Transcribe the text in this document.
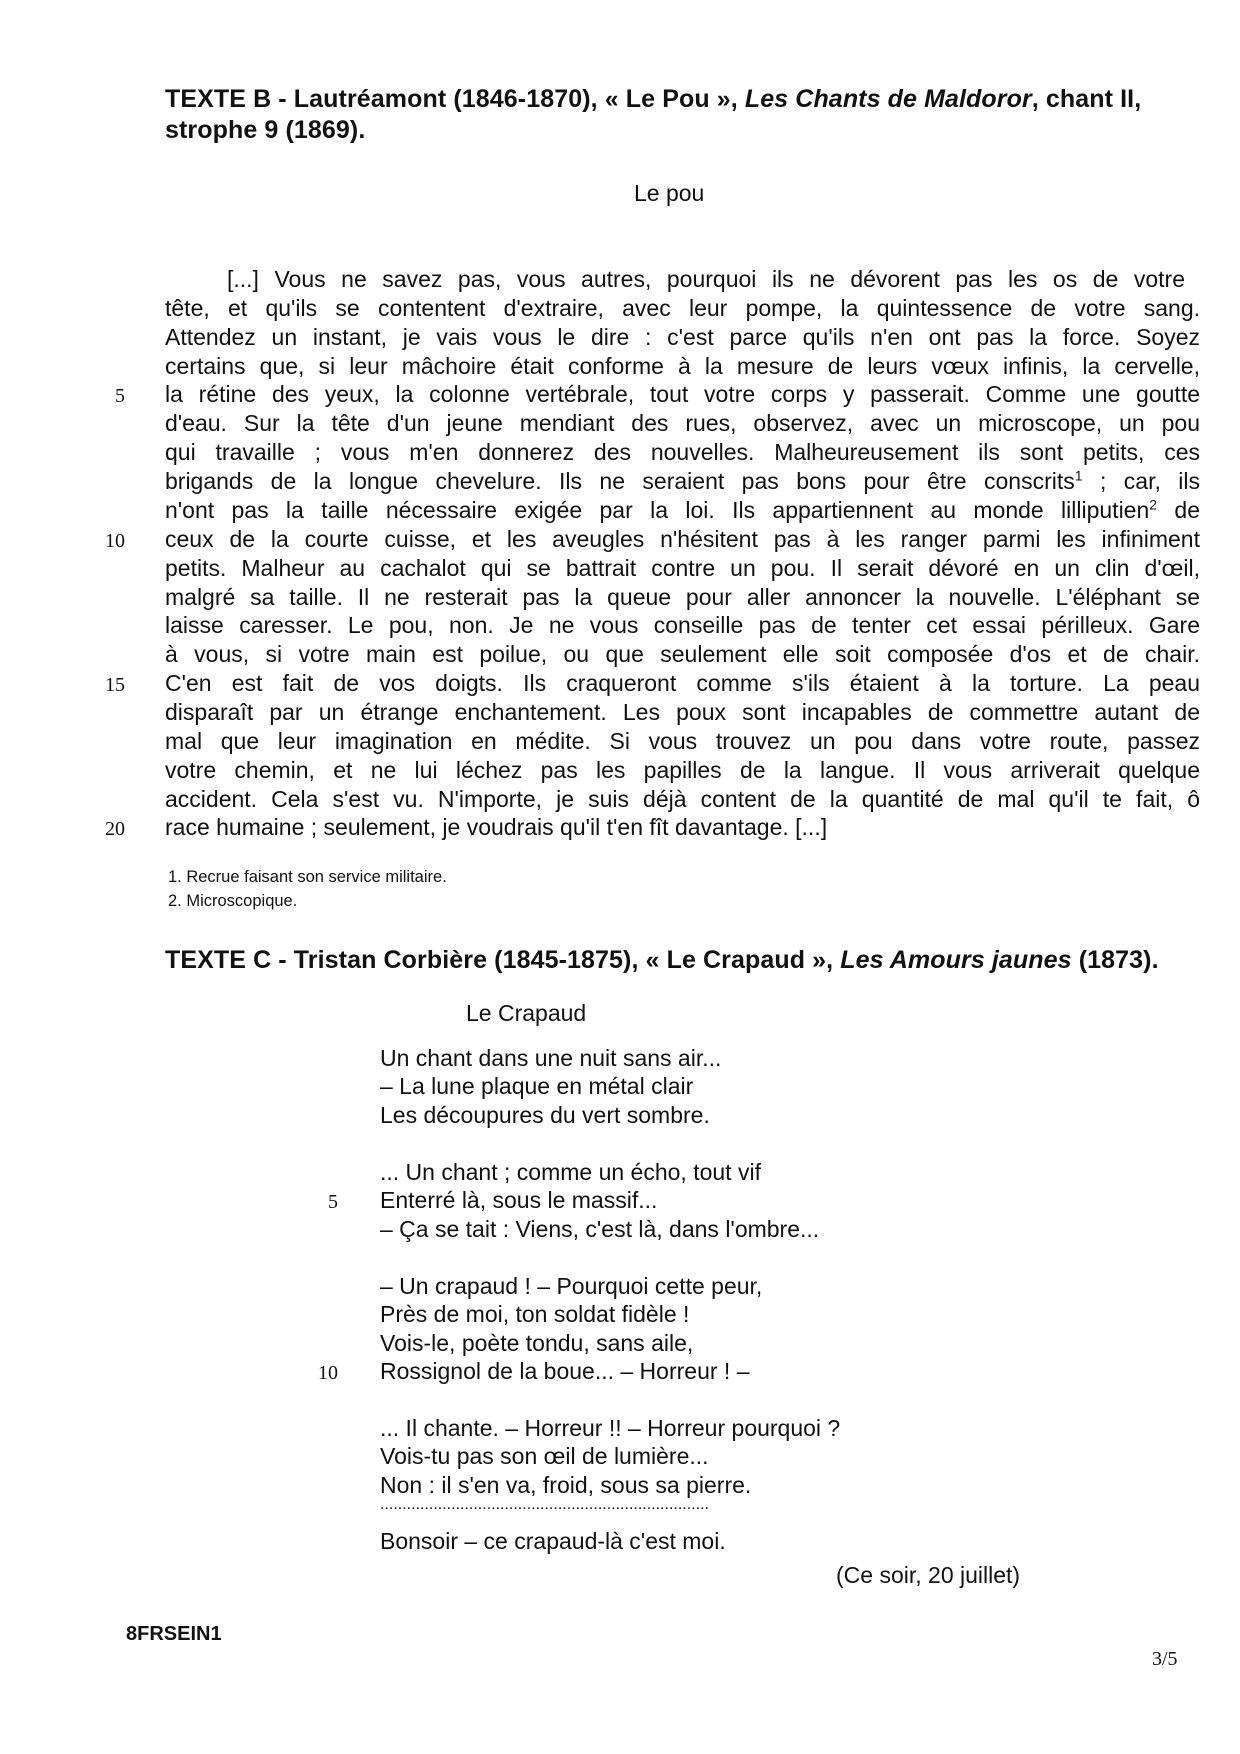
TEXTE B - Lautréamont (1846-1870), « Le Pou », Les Chants de Maldoror, chant II,
strophe 9 (1869).
Le pou
[...] Vous ne savez pas, vous autres, pourquoi ils ne dévorent pas les os de votre
tête, et qu'ils se contentent d'extraire, avec leur pompe, la quintessence de votre sang.
Attendez un instant, je vais vous le dire : c'est parce qu'ils n'en ont pas la force. Soyez
certains que, si leur mâchoire était conforme à la mesure de leurs vœux infinis, la cervelle,
la rétine des yeux, la colonne vertébrale, tout votre corps y passerait. Comme une goutte
d'eau. Sur la tête d'un jeune mendiant des rues, observez, avec un microscope, un pou
qui travaille ; vous m'en donnerez des nouvelles. Malheureusement ils sont petits, ces
brigands de la longue chevelure. Ils ne seraient pas bons pour être conscrits$^1$ ; car, ils
n'ont pas la taille nécessaire exigée par la loi. Ils appartiennent au monde lilliputien$^2$ de
ceux de la courte cuisse, et les aveugles n'hésitent pas à les ranger parmi les infiniment
petits. Malheur au cachalot qui se battrait contre un pou. Il serait dévoré en un clin d'œil,
malgré sa taille. Il ne resterait pas la queue pour aller annoncer la nouvelle. L'éléphant se
laisse caresser. Le pou, non. Je ne vous conseille pas de tenter cet essai périlleux. Gare
à vous, si votre main est poilue, ou que seulement elle soit composée d'os et de chair.
C'en est fait de vos doigts. Ils craqueront comme s'ils étaient à la torture. La peau
disparaît par un étrange enchantement. Les poux sont incapables de commettre autant de
mal que leur imagination en médite. Si vous trouvez un pou dans votre route, passez
votre chemin, et ne lui léchez pas les papilles de la langue. Il vous arriverait quelque
accident. Cela s'est vu. N'importe, je suis déjà content de la quantité de mal qu'il te fait, ô
race humaine ; seulement, je voudrais qu'il t'en fît davantage. [...]
5
10
15
20
1. Recrue faisant son service militaire.
2. Microscopique.
TEXTE C - Tristan Corbière (1845-1875), « Le Crapaud », Les Amours jaunes (1873).
Le Crapaud
Un chant dans une nuit sans air...
– La lune plaque en métal clair
Les découpures du vert sombre.
... Un chant ; comme un écho, tout vif
Enterré là, sous le massif...
– Ça se tait : Viens, c'est là, dans l'ombre...
– Un crapaud ! – Pourquoi cette peur,
Près de moi, ton soldat fidèle !
Vois-le, poète tondu, sans aile,
Rossignol de la boue... – Horreur ! –
... Il chante. – Horreur !! – Horreur pourquoi ?
Vois-tu pas son œil de lumière...
Non : il s'en va, froid, sous sa pierre.
..........................................................................
Bonsoir – ce crapaud-là c'est moi.
5
10
(Ce soir, 20 juillet)
8FRSEIN1
3/5
